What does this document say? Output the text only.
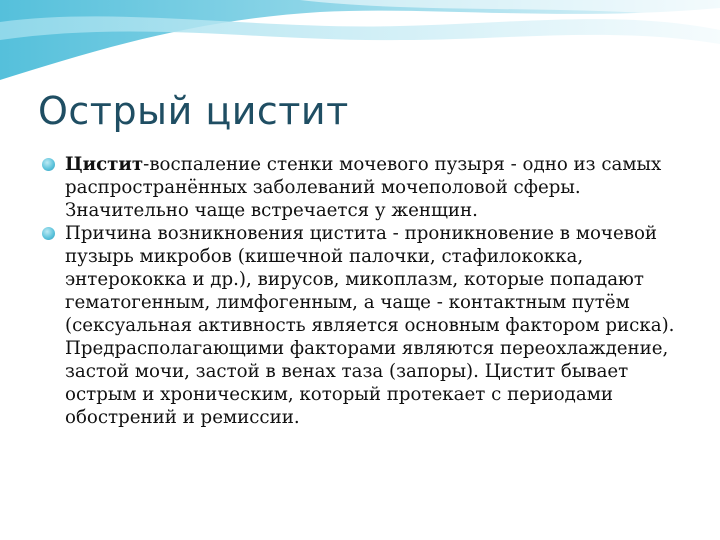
Острый цистит
Цистит-воспаление стенки мочевого пузыря - одно из самых распространённых заболеваний мочеполовой сферы. Значительно чаще встречается у женщин.
Причина возникновения цистита - проникновение в мочевой пузырь микробов (кишечной палочки, стафилококка, энтерококка и др.), вирусов, микоплазм, которые попадают гематогенным, лимфогенным, а чаще - контактным путём (сексуальная активность является основным фактором риска). Предрасполагающими факторами являются переохлаждение, застой мочи, застой в венах таза (запоры). Цистит бывает острым и хроническим, который протекает с периодами обострений и ремиссии.
